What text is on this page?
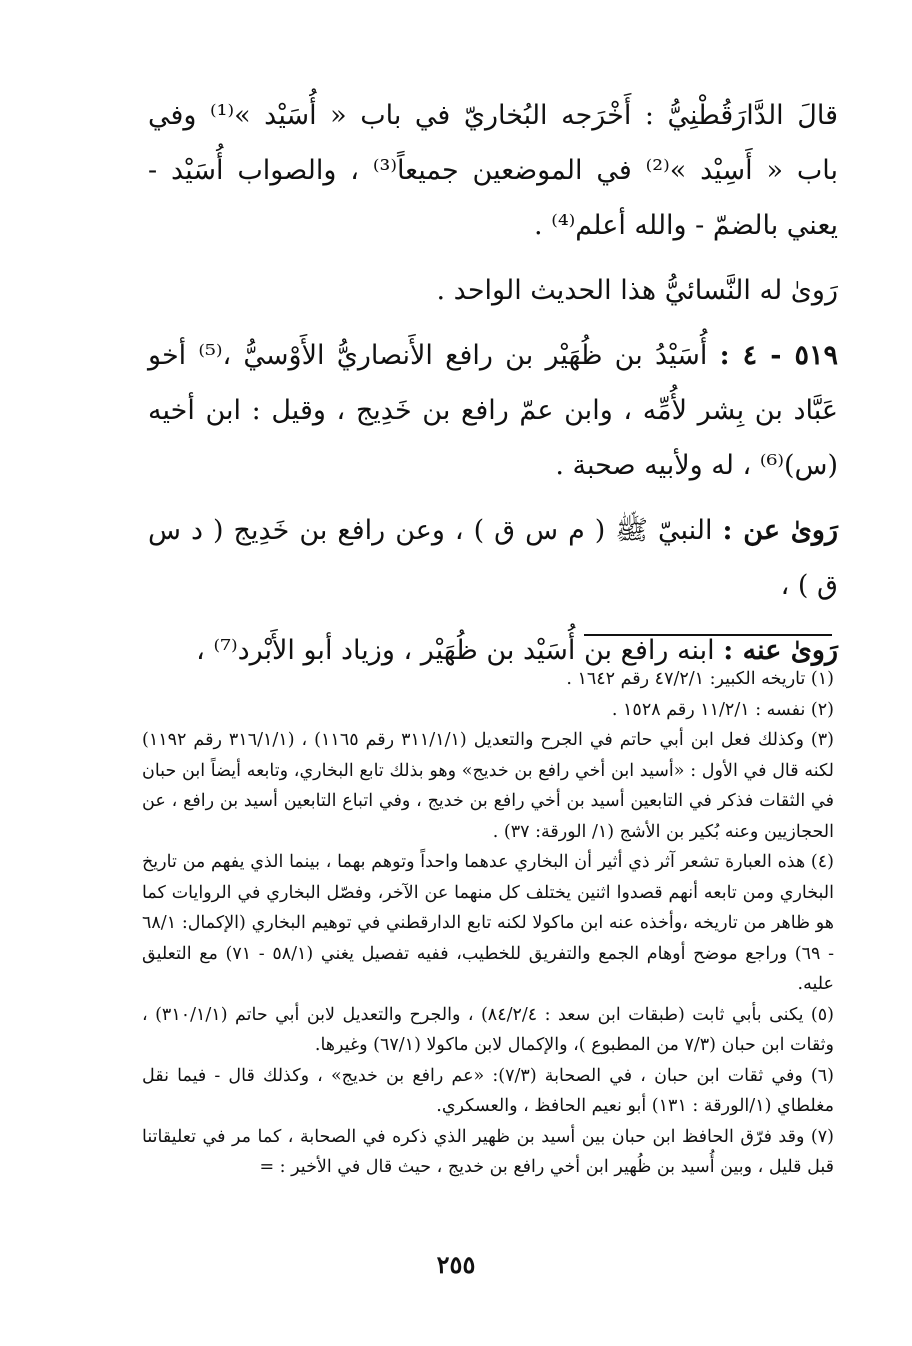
قالَ الدَّارَقُطْنِيُّ : أَخْرَجه البُخاريّ في باب « أُسَيْد »⁽¹⁾ وفي باب « أَسِيْد »⁽²⁾ في الموضعين جميعاً⁽³⁾ ، والصواب أُسَيْد - يعني بالضمّ - والله أعلم⁽⁴⁾ .

رَوىٰ له النَّسائيُّ هذا الحديث الواحد .

٥١٩ - ٤ : أُسَيْدُ بن ظُهَيْر بن رافع الأَنصاريُّ الأَوْسيُّ ،⁽⁵⁾ أخو عَبَّاد بن بِشر لأُمِّه ، وابن عمّ رافع بن خَدِيج ، وقيل : ابن أخيه (س)⁽⁶⁾ ، له ولأبيه صحبة .

رَوىٰ عن : النبيّ ﷺ ( م س ق ) ، وعن رافع بن خَدِيج ( د س ق ) ،

رَوىٰ عنه : ابنه رافع بن أُسَيْد بن ظُهَيْر ، وزياد أبو الأَبْرد⁽⁷⁾ ،

(١) تاريخه الكبير: ٤٧/٢/١ رقم ١٦٤٢ .

(٢) نفسه : ١١/٢/١ رقم ١٥٢٨ .

(٣) وكذلك فعل ابن أبي حاتم في الجرح والتعديل (٣١١/١/١ رقم ١١٦٥) ، (٣١٦/١/١ رقم ١١٩٢) لكنه قال في الأول : «أسيد ابن أخي رافع بن خديج» وهو بذلك تابع البخاري، وتابعه أيضاً ابن حبان في الثقات فذكر في التابعين أسيد بن أخي رافع بن خديج ، وفي اتباع التابعين أسيد بن رافع ، عن الحجازيين وعنه بُكير بن الأشج (١/ الورقة: ٣٧) .

(٤) هذه العبارة تشعر آثر ذي أثير أن البخاري عدهما واحداً وتوهم بهما ، بينما الذي يفهم من تاريخ البخاري ومن تابعه أنهم قصدوا اثنين يختلف كل منهما عن الآخر، وفصّل البخاري في الروايات كما هو ظاهر من تاريخه ،وأخذه عنه ابن ماكولا لكنه تابع الدارقطني في توهيم البخاري (الإكمال: ٦٨/١ - ٦٩) وراجع موضح أوهام الجمع والتفريق للخطيب، ففيه تفصيل يغني (٥٨/١ - ٧١) مع التعليق عليه.

(٥) يكنى بأبي ثابت (طبقات ابن سعد : ٨٤/٢/٤) ، والجرح والتعديل لابن أبي حاتم (٣١٠/١/١) ، وثقات ابن حبان (٧/٣ من المطبوع )، والإكمال لابن ماكولا (٦٧/١) وغيرها.

(٦) وفي ثقات ابن حبان ، في الصحابة (٧/٣): «عم رافع بن خديج» ، وكذلك قال - فيما نقل مغلطاي (١/الورقة : ١٣١) أبو نعيم الحافظ ، والعسكري.

(٧) وقد فرّق الحافظ ابن حبان بين أسيد بن ظهير الذي ذكره في الصحابة ، كما مر في تعليقاتنا قبل قليل ، وبين أُسيد بن ظُهير ابن أخي رافع بن خديج ، حيث قال في الأخير : =

٢٥٥
